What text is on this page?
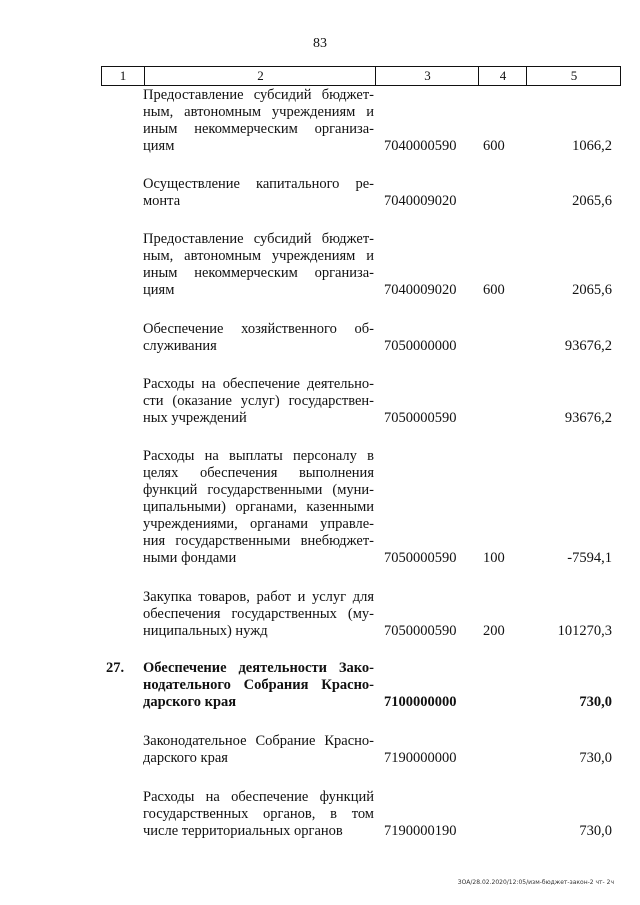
83
1	2	3	4	5
Предоставление субсидий бюджет-
ным, автономным учреждениям и
иным некоммерческим организа-
циям	7040000590 600	1066,2
Осуществление капитального ре-
монта	7040009020	2065,6
Предоставление субсидий бюджет-
ным, автономным учреждениям и
иным некоммерческим организа-
циям	7040009020 600	2065,6
Обеспечение хозяйственного об-
служивания	7050000000	93676,2
Расходы на обеспечение деятельно-
сти (оказание услуг) государствен-
ных учреждений	7050000590	93676,2
Расходы на выплаты персоналу в
целях обеспечения выполнения
функций государственными (муни-
ципальными) органами, казенными
учреждениями, органами управле-
ния государственными внебюджет-
ными фондами	7050000590 100	-7594,1
Закупка товаров, работ и услуг для
обеспечения государственных (му-
ниципальных) нужд	7050000590 200	101270,3
27. Обеспечение деятельности Зако-
нодательного Собрания Красно-
дарского края	7100000000	730,0
Законодательное Собрание Красно-
дарского края	7190000000	730,0
Расходы на обеспечение функций
государственных органов, в том
числе территориальных органов	7190000190	730,0
ЗОА/28.02.2020/12:05/изм-бюджет-закон-2 чт- 2ч
